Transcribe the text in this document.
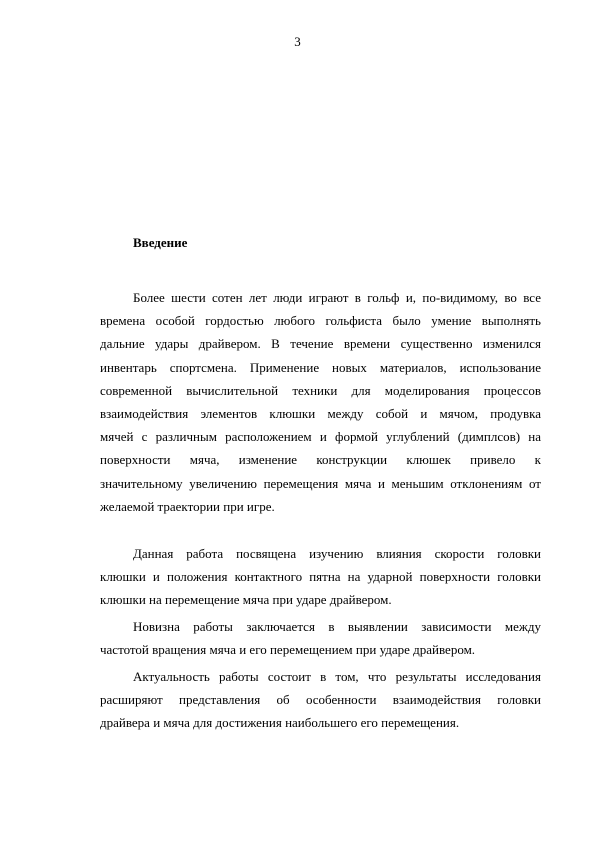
3
Введение
Более шести сотен лет люди играют в гольф и, по-видимому, во все
времена особой гордостью любого гольфиста было умение выполнять
дальние удары драйвером. В течение времени существенно изменился
инвентарь спортсмена. Применение новых материалов, использование
современной вычислительной техники для моделирования процессов
взаимодействия элементов клюшки между собой и мячом, продувка
мячей с различным расположением и формой углублений (димплсов) на
поверхности мяча, изменение конструкции клюшек привело к
значительному увеличению перемещения мяча и меньшим отклонениям от
желаемой траектории при игре.
Данная работа посвящена изучению влияния скорости головки
клюшки и положения контактного пятна на ударной поверхности головки
клюшки на перемещение мяча при ударе драйвером.
Новизна работы заключается в выявлении зависимости между
частотой вращения мяча и его перемещением при ударе драйвером.
Актуальность работы состоит в том, что результаты исследования
расширяют представления об особенности взаимодействия головки
драйвера и мяча для достижения наибольшего его перемещения.
